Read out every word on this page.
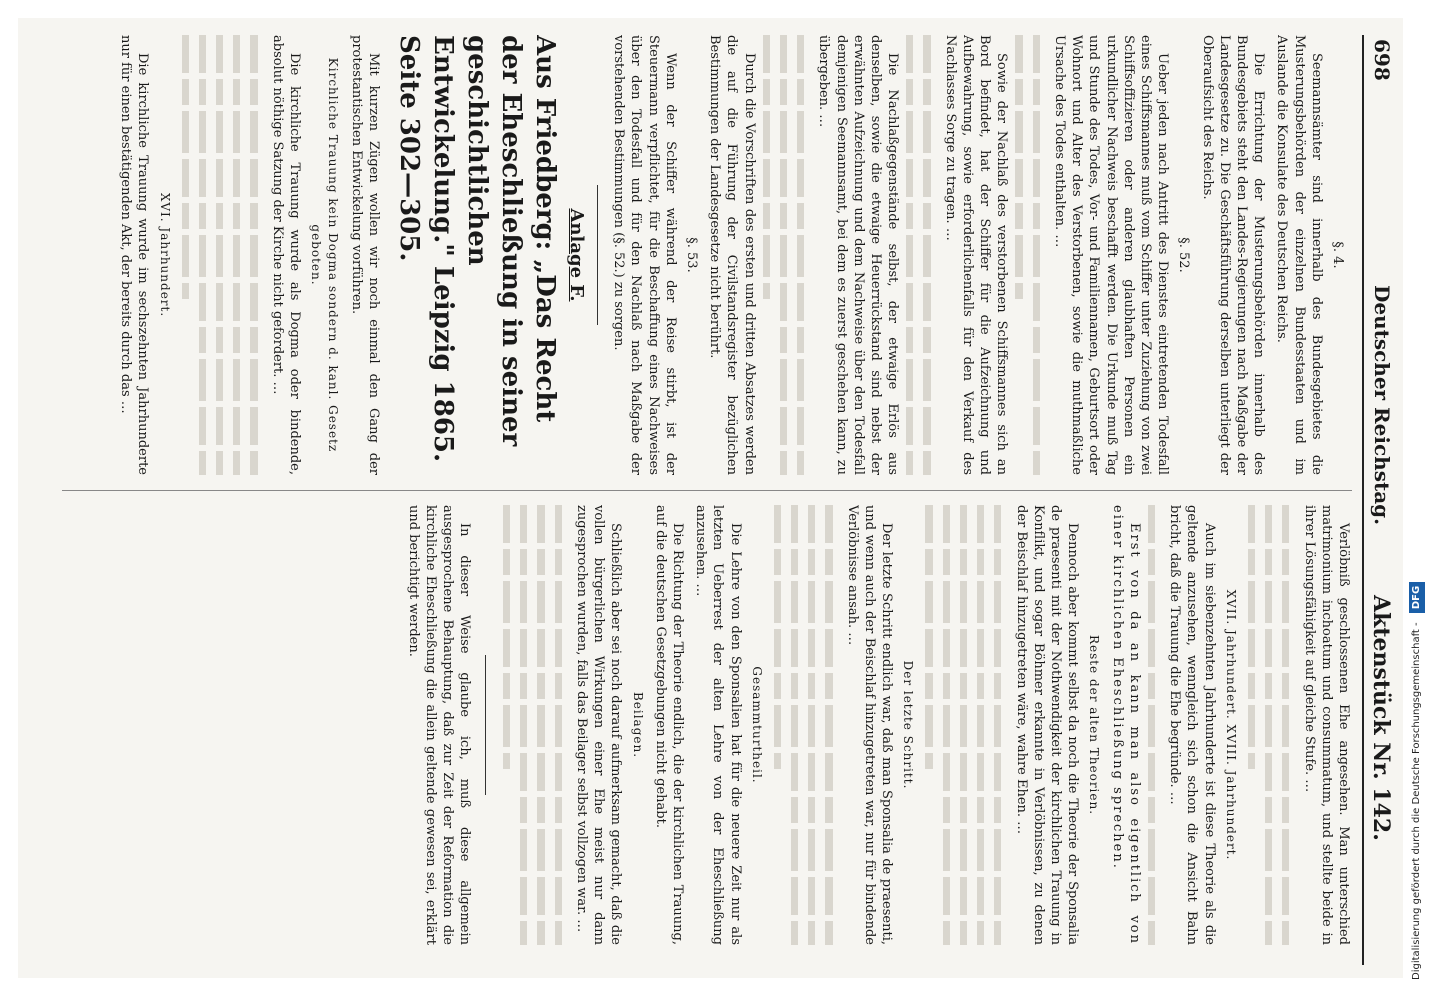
698
Deutscher Reichstag.
Aktenstück Nr. 142.
§. 4.

Seemannsämter sind innerhalb des Bundesgebietes die Musterungsbehörden der einzelnen Bundesstaaten und im Auslande die Konsulate des Deutschen Reichs.

Die Errichtung der Musterungsbehörden innerhalb des Bundesgebiets steht den Landes-Regierungen nach Maßgabe der Landesgesetze zu. Die Geschäftsführung derselben unterliegt der Oberaufsicht des Reichs.

§. 52.

Ueber jeden nach Antritt des Dienstes eintretenden Todesfall eines Schiffsmannes muß vom Schiffer unter Zuziehung von zwei Schiffsoffizieren oder anderen glaubhaften Personen ein urkundlicher Nachweis beschafft werden. Die Urkunde muß Tag und Stunde des Todes, Vor- und Familiennamen, Geburtsort oder Wohnort und Alter des Verstorbenen, sowie die muthmaßliche Ursache des Todes enthalten. …

Sowie der Nachlaß des verstorbenen Schiffsmannes sich an Bord befindet, hat der Schiffer für die Aufzeichnung und Aufbewahrung, sowie erforderlichenfalls für den Verkauf des Nachlasses Sorge zu tragen. …

Die Nachlaßgegenstände selbst, der etwaige Erlös aus denselben, sowie die etwaige Heuerrückstand sind nebst der erwähnten Aufzeichnung und dem Nachweise über den Todesfall demjenigen Seemannsamt, bei dem es zuerst geschehen kann, zu übergeben. …

Durch die Vorschriften des ersten und dritten Absatzes werden die auf die Führung der Civilstandsregister bezüglichen Bestimmungen der Landesgesetze nicht berührt.

§. 53.

Wenn der Schiffer während der Reise stirbt, ist der Steuermann verpflichtet, für die Beschaffung eines Nachweises über den Todesfall und für den Nachlaß nach Maßgabe der vorstehenden Bestimmungen (§. 52.) zu sorgen.

Anlage F.
Aus Friedberg: „Das Recht der Eheschließung in seiner geschichtlichen Entwickelung." Leipzig 1865. Seite 302—305.

Mit kurzen Zügen wollen wir noch einmal den Gang der protestantischen Entwickelung vorführen.

Kirchliche Trauung kein Dogma sondern d. kanl. Gesetz geboten.

Die kirchliche Trauung wurde als Dogma oder bindende, absolut nöthige Satzung der Kirche nicht gefordert. …

XVI. Jahrhundert.

Die kirchliche Trauung wurde im sechszehnten Jahrhunderte nur für einen bestätigenden Akt, der bereits durch das …

Verlöbniß geschlossenen Ehe angesehen. Man unterschied matrimonium inchoatum und consummatum, und stellte beide in ihrer Lösungsfähigkeit auf gleiche Stufe. …

XVII. Jahrhundert. XVIII. Jahrhundert.

Auch im siebenzehnten Jahrhunderte ist diese Theorie als die geltende anzusehen, wenngleich sich schon die Ansicht Bahn bricht, daß die Trauung die Ehe begründe. …

Erst von da an kann man also eigentlich von einer kirchlichen Eheschließung sprechen.

Reste der alten Theorien.

Dennoch aber kommt selbst da noch die Theorie der Sponsalia de praesenti mit der Nothwendigkeit der kirchlichen Trauung in Konflikt, und sogar Böhmer erkannte in Verlöbnissen, zu denen der Beischlaf hinzugetreten wäre, wahre Ehen. …

Der letzte Schritt.

Der letzte Schritt endlich war, daß man Sponsalia de praesenti, und wenn auch der Beischlaf hinzugetreten war, nur für bindende Verlöbnisse ansah. …

Gesammturtheil.

Die Lehre von den Sponsalien hat für die neuere Zeit nur als letzten Ueberrest der alten Lehre von der Eheschließung anzusehen. …

Die Richtung der Theorie endlich, die der kirchlichen Trauung, auf die deutschen Gesetzgebungen nicht gehabt.

Beilagen.

Schließlich aber sei noch darauf aufmerksam gemacht, daß die vollen bürgerlichen Wirkungen einer Ehe meist nur dann zugesprochen wurden, falls das Beilager selbst vollzogen war. …

In dieser Weise glaube ich, muß diese allgemein ausgesprochene Behauptung, daß zur Zeit der Reformation die kirchliche Eheschließung die allein geltende gewesen sei, erklärt und berichtigt werden.

Digitalisierung gefördert durch die Deutsche Forschungsgemeinschaft - DFG
